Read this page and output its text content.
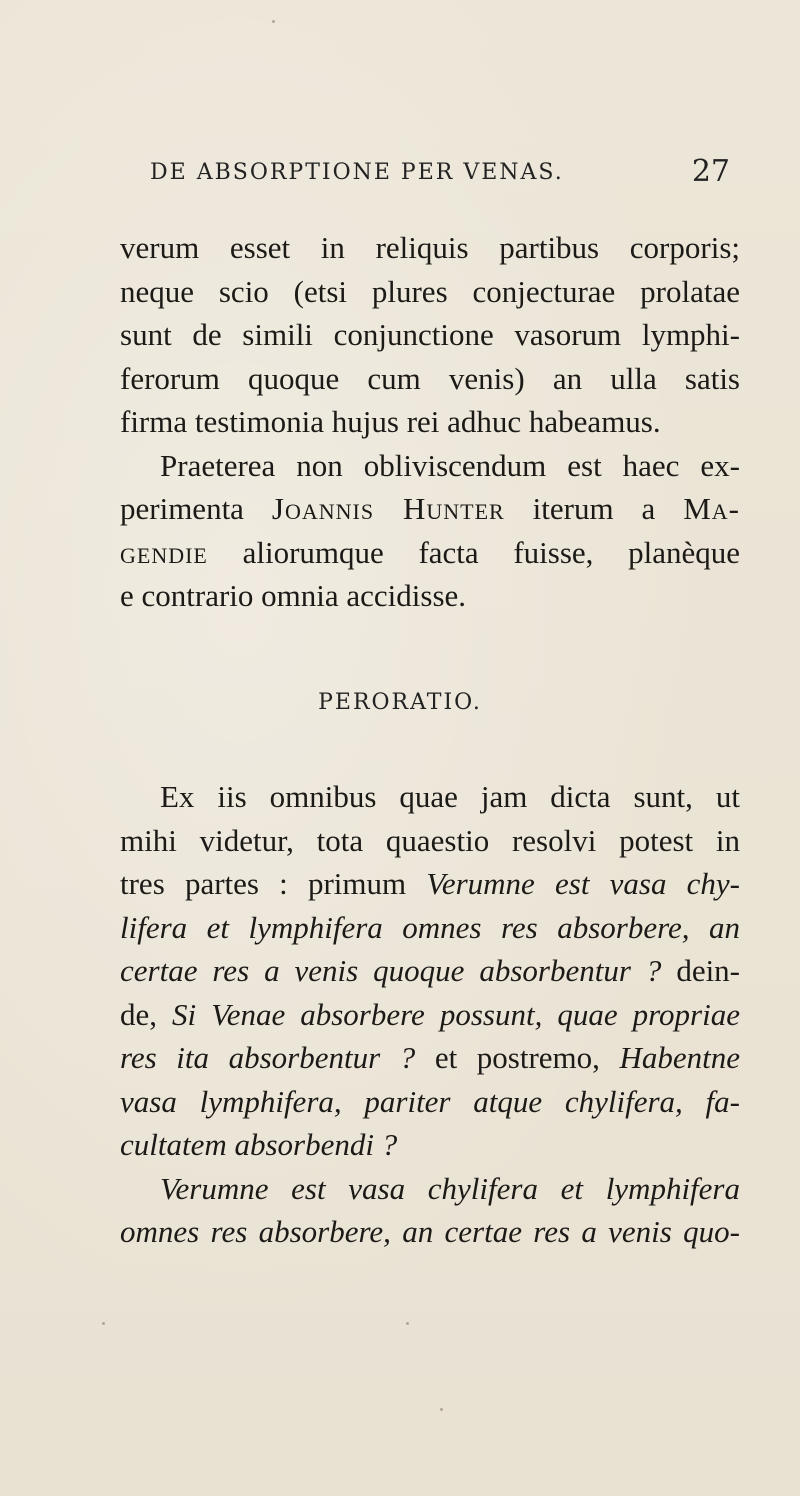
DE ABSORPTIONE PER VENAS.	27
verum esset in reliquis partibus corporis;
neque scio (etsi plures conjecturae prolatae
sunt de simili conjunctione vasorum lymphi-
ferorum quoque cum venis) an ulla satis
firma testimonia hujus rei adhuc habeamus.
Praeterea non obliviscendum est haec ex-
perimenta Joannis Hunter iterum a Ma-
gendie aliorumque facta fuisse, planèque
e contrario omnia accidisse.
PERORATIO.
Ex iis omnibus quae jam dicta sunt, ut
mihi videtur, tota quaestio resolvi potest in
tres partes : primum Verumne est vasa chy-
lifera et lymphifera omnes res absorbere, an
certae res a venis quoque absorbentur ? dein-
de, Si Venae absorbere possunt, quae propriae
res ita absorbentur ? et postremo, Habentne
vasa lymphifera, pariter atque chylifera, fa-
cultatem absorbendi ?
Verumne est vasa chylifera et lymphifera
omnes res absorbere, an certae res a venis quo-
